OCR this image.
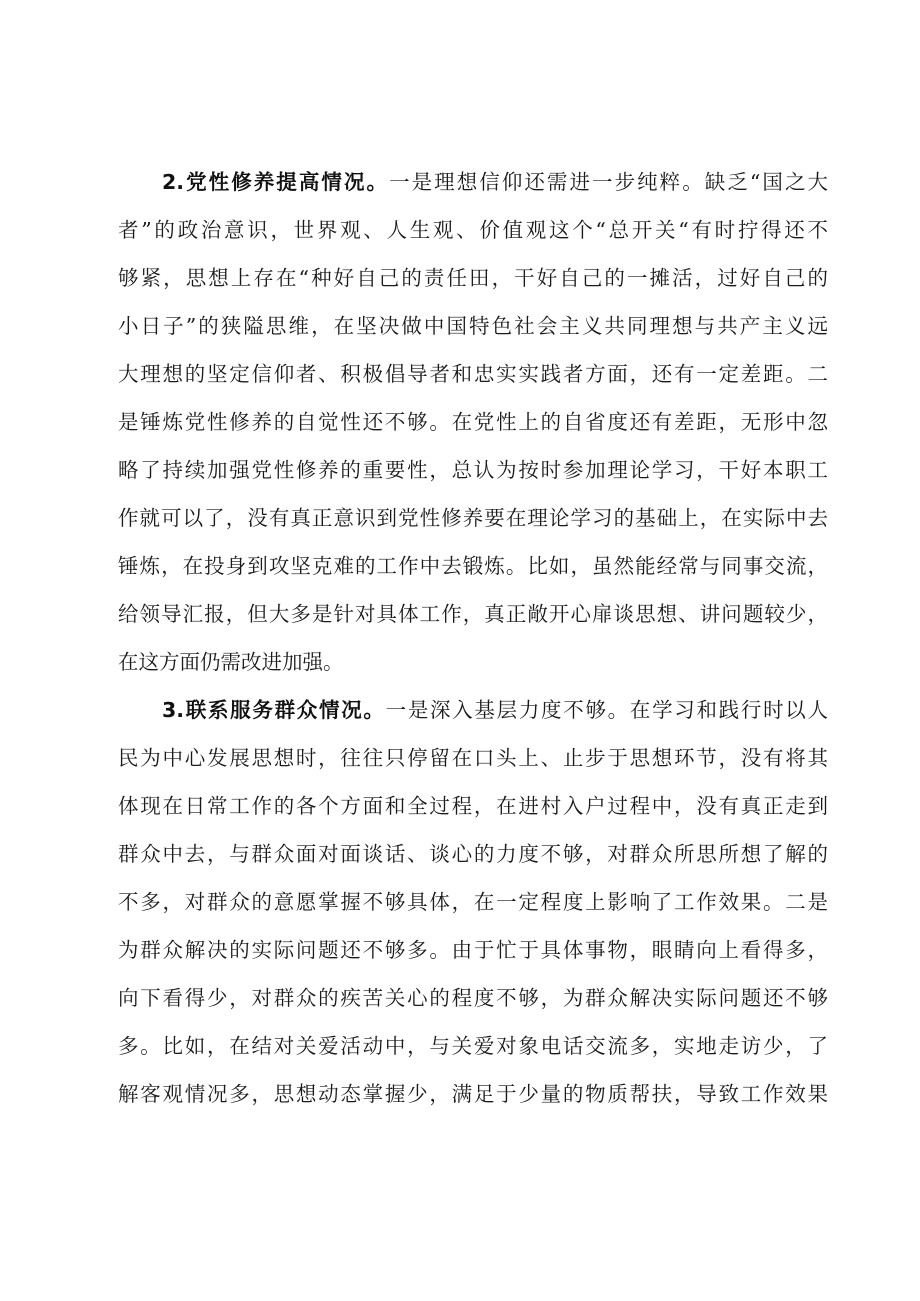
2.党性修养提高情况。一是理想信仰还需进一步纯粹。缺乏“国之大
者”的政治意识，世界观、人生观、价值观这个“总开关“有时拧得还不
够紧，思想上存在“种好自己的责任田，干好自己的一摊活，过好自己的
小日子”的狭隘思维，在坚决做中国特色社会主义共同理想与共产主义远
大理想的坚定信仰者、积极倡导者和忠实实践者方面，还有一定差距。二
是锤炼党性修养的自觉性还不够。在党性上的自省度还有差距，无形中忽
略了持续加强党性修养的重要性，总认为按时参加理论学习，干好本职工
作就可以了，没有真正意识到党性修养要在理论学习的基础上，在实际中去
锤炼，在投身到攻坚克难的工作中去锻炼。比如，虽然能经常与同事交流，
给领导汇报，但大多是针对具体工作，真正敞开心扉谈思想、讲问题较少，
在这方面仍需改进加强。
3.联系服务群众情况。一是深入基层力度不够。在学习和践行时以人
民为中心发展思想时，往往只停留在口头上、止步于思想环节，没有将其
体现在日常工作的各个方面和全过程，在进村入户过程中，没有真正走到
群众中去，与群众面对面谈话、谈心的力度不够，对群众所思所想了解的
不多，对群众的意愿掌握不够具体，在一定程度上影响了工作效果。二是
为群众解决的实际问题还不够多。由于忙于具体事物，眼睛向上看得多，
向下看得少，对群众的疾苦关心的程度不够，为群众解决实际问题还不够
多。比如，在结对关爱活动中，与关爱对象电话交流多，实地走访少，了
解客观情况多，思想动态掌握少，满足于少量的物质帮扶，导致工作效果
